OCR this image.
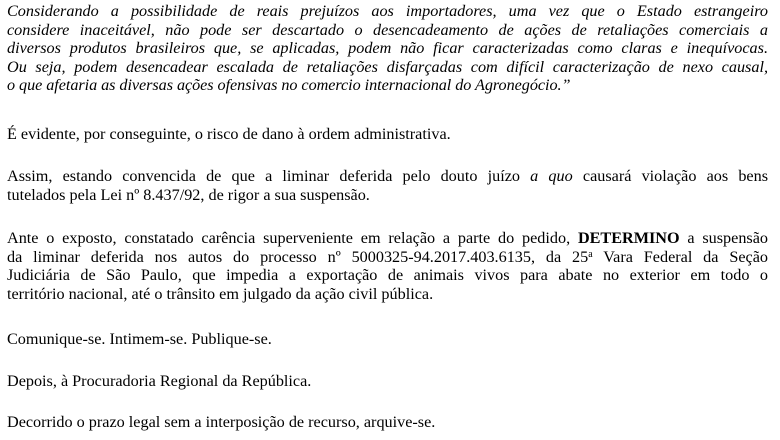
Considerando a possibilidade de reais prejuízos aos importadores, uma vez que o Estado estrangeiro
considere inaceitável, não pode ser descartado o desencadeamento de ações de retaliações comerciais a
diversos produtos brasileiros que, se aplicadas, podem não ficar caracterizadas como claras e inequívocas.
Ou seja, podem desencadear escalada de retaliações disfarçadas com difícil caracterização de nexo causal,
o que afetaria as diversas ações ofensivas no comercio internacional do Agronegócio.”

É evidente, por conseguinte, o risco de dano à ordem administrativa.

Assim, estando convencida de que a liminar deferida pelo douto juízo a quo causará violação aos bens
tutelados pela Lei nº 8.437/92, de rigor a sua suspensão.

Ante o exposto, constatado carência superveniente em relação a parte do pedido, DETERMINO a suspensão
da liminar deferida nos autos do processo nº 5000325-94.2017.403.6135, da 25$^a$ Vara Federal da Seção
Judiciária de São Paulo, que impedia a exportação de animais vivos para abate no exterior em todo o
território nacional, até o trânsito em julgado da ação civil pública.

Comunique-se. Intimem-se. Publique-se.

Depois, à Procuradoria Regional da República.

Decorrido o prazo legal sem a interposição de recurso, arquive-se.
